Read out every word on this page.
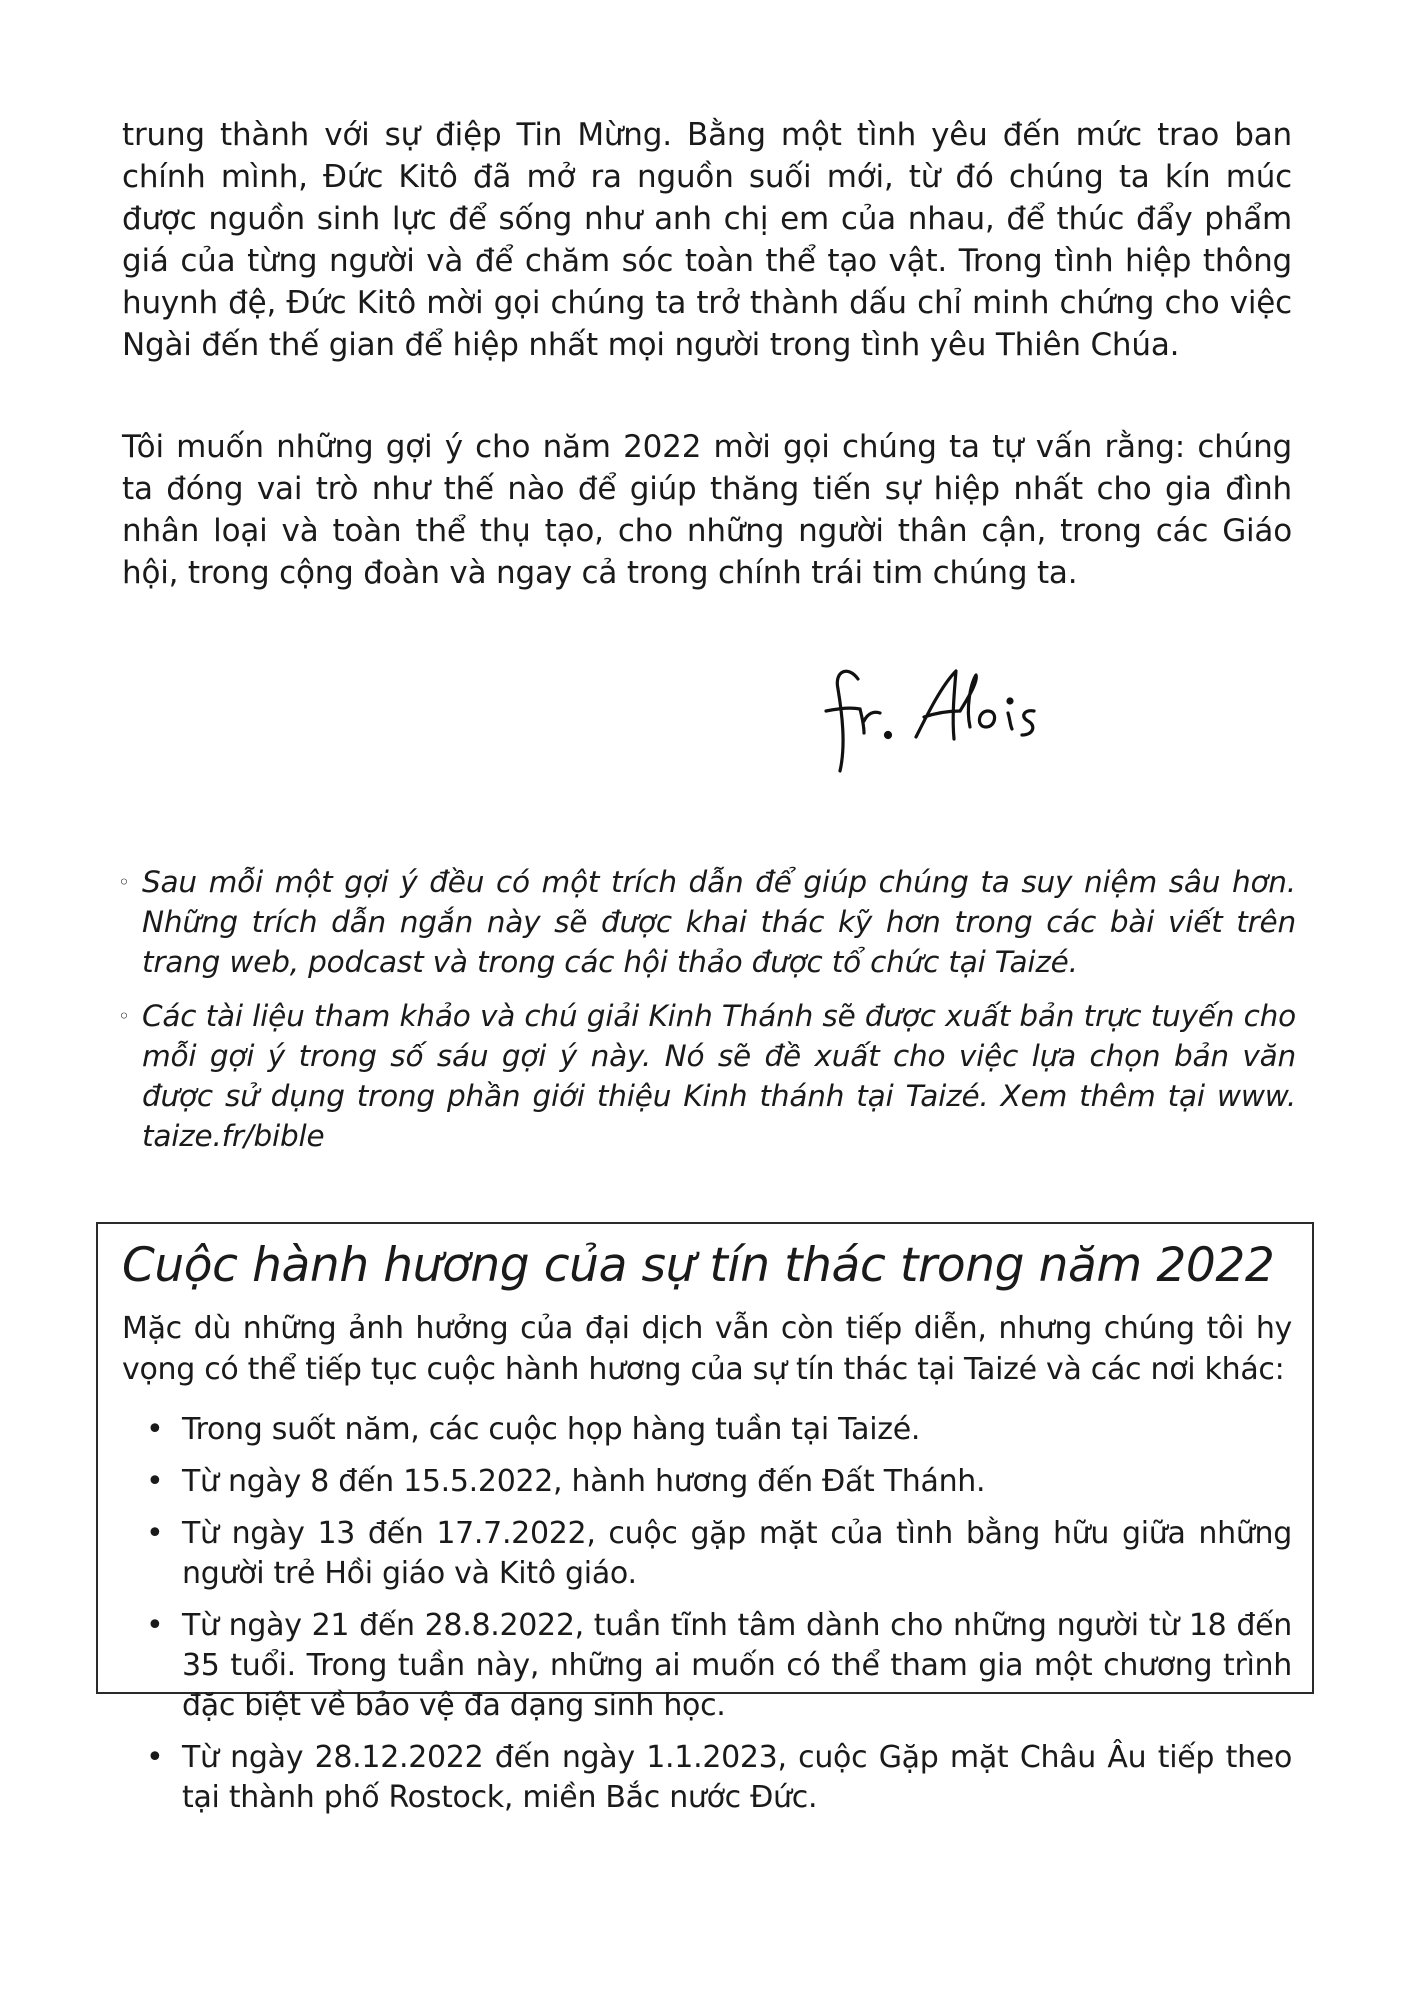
trung thành với sự điệp Tin Mừng. Bằng một tình yêu đến mức trao ban chính mình, Đức Kitô đã mở ra nguồn suối mới, từ đó chúng ta kín múc được nguồn sinh lực để sống như anh chị em của nhau, để thúc đẩy phẩm giá của từng người và để chăm sóc toàn thể tạo vật. Trong tình hiệp thông huynh đệ, Đức Kitô mời gọi chúng ta trở thành dấu chỉ minh chứng cho việc Ngài đến thế gian để hiệp nhất mọi người trong tình yêu Thiên Chúa.

Tôi muốn những gợi ý cho năm 2022 mời gọi chúng ta tự vấn rằng: chúng ta đóng vai trò như thế nào để giúp thăng tiến sự hiệp nhất cho gia đình nhân loại và toàn thể thụ tạo, cho những người thân cận, trong các Giáo hội, trong cộng đoàn và ngay cả trong chính trái tim chúng ta.

◦ Sau mỗi một gợi ý đều có một trích dẫn để giúp chúng ta suy niệm sâu hơn. Những trích dẫn ngắn này sẽ được khai thác kỹ hơn trong các bài viết trên trang web, podcast và trong các hội thảo được tổ chức tại Taizé.
◦ Các tài liệu tham khảo và chú giải Kinh Thánh sẽ được xuất bản trực tuyến cho mỗi gợi ý trong số sáu gợi ý này. Nó sẽ đề xuất cho việc lựa chọn bản văn được sử dụng trong phần giới thiệu Kinh thánh tại Taizé. Xem thêm tại www. taize.fr/bible
Cuộc hành hương của sự tín thác trong năm 2022

Mặc dù những ảnh hưởng của đại dịch vẫn còn tiếp diễn, nhưng chúng tôi hy vọng có thể tiếp tục cuộc hành hương của sự tín thác tại Taizé và các nơi khác:

• Trong suốt năm, các cuộc họp hàng tuần tại Taizé.
• Từ ngày 8 đến 15.5.2022, hành hương đến Đất Thánh.
• Từ ngày 13 đến 17.7.2022, cuộc gặp mặt của tình bằng hữu giữa những người trẻ Hồi giáo và Kitô giáo.
• Từ ngày 21 đến 28.8.2022, tuần tĩnh tâm dành cho những người từ 18 đến 35 tuổi. Trong tuần này, những ai muốn có thể tham gia một chương trình đặc biệt về bảo vệ đa dạng sinh học.
• Từ ngày 28.12.2022 đến ngày 1.1.2023, cuộc Gặp mặt Châu Âu tiếp theo tại thành phố Rostock, miền Bắc nước Đức.
